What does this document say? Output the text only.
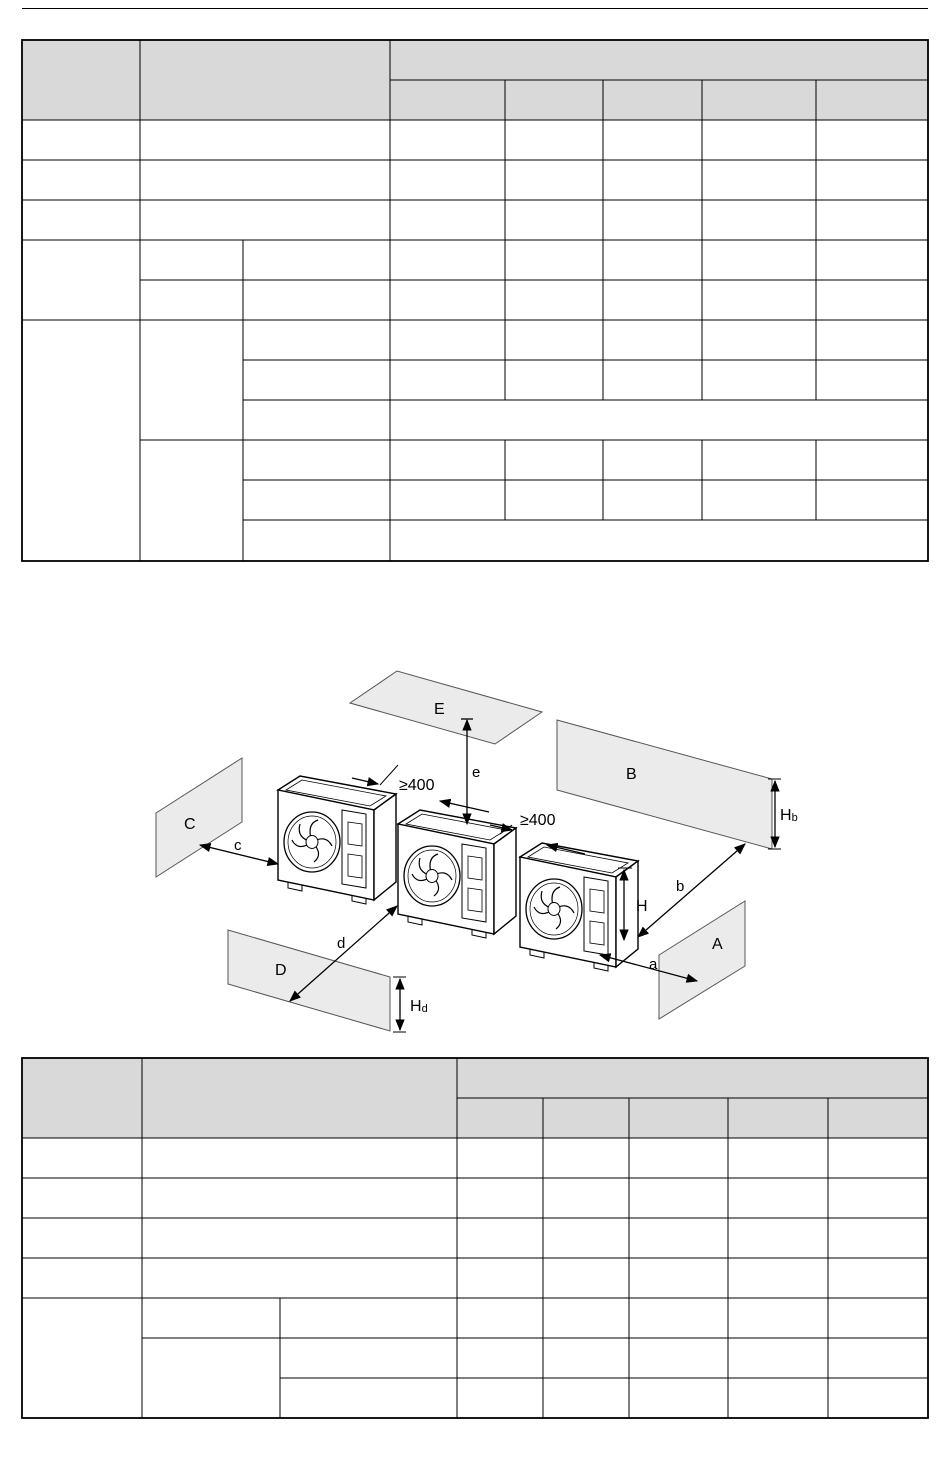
E
B
C
D
A
e
≥400
≥400
c
d
b
a
H
Hb
Hd
